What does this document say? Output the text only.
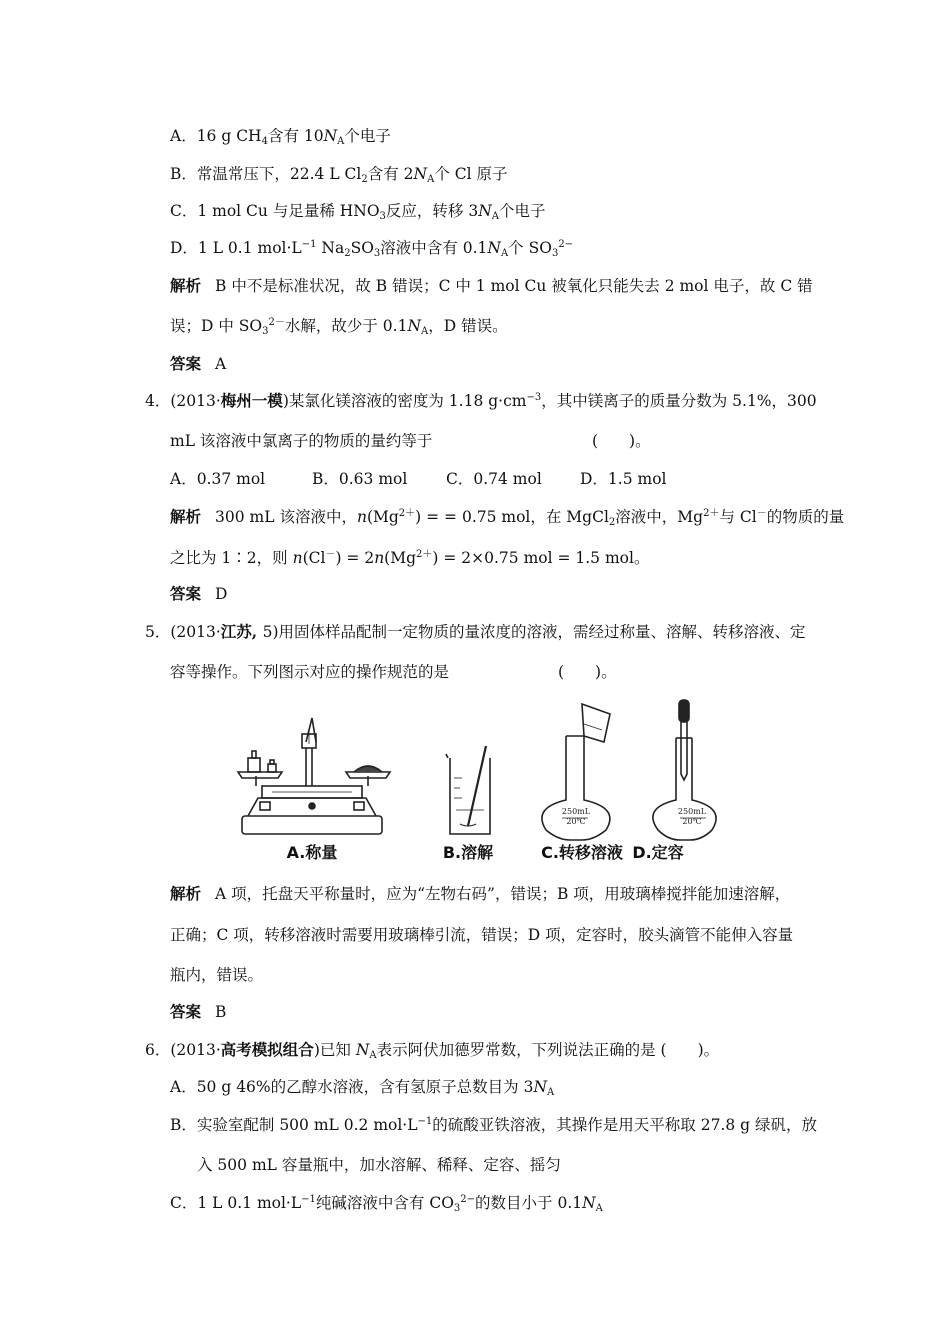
A．16 g $CH_4$含有 $10N_A$个电子
B．常温常压下，22.4 L $Cl_2$含有 $2N_A$个 Cl 原子
C．1 mol Cu 与足量稀 $HNO_3$反应，转移 $3N_A$个电子
D．1 L 0.1 $mol\cdot L^{-1}$ $Na_2SO_3$溶液中含有 $0.1N_A$个 $SO_3^{2-}$
解析 B 中不是标准状况，故 B 错误；C 中 1 mol Cu 被氧化只能失去 2 mol 电子，故 C 错
误；D 中 $SO_3^{2-}$水解，故少于 $0.1N_A$，D 错误。
答案 A
4．(2013·梅州一模)某氯化镁溶液的密度为 1.18 $g\cdot cm^{-3}$，其中镁离子的质量分数为 5.1%，300
mL 该溶液中氯离子的物质的量约等于	(　　)。
A．0.37 mol	B．0.63 mol C．0.74 mol D．1.5 mol
解析 300 mL 该溶液中，$n(Mg^{2+})$ = = 0.75 mol，在 MgCl$_2$溶液中，$Mg^{2+}$与 Cl－的物质的量
之比为 1∶2，则 $n(Cl^-) = 2n(Mg^{2+}) = 2\times 0.75$ mol = 1.5 mol。
答案 D
5．(2013·江苏, 5)用固体样品配制一定物质的量浓度的溶液，需经过称量、溶解、转移溶液、定
容等操作。下列图示对应的操作规范的是	(　　)。
250mL
20℃
250mL
20℃
A.称量	B.溶解	C.转移溶液 D.定容
解析 A 项，托盘天平称量时，应为“左物右码”，错误；B 项，用玻璃棒搅拌能加速溶解，
正确；C 项，转移溶液时需要用玻璃棒引流，错误；D 项，定容时，胶头滴管不能伸入容量
瓶内，错误。
答案 B
6．(2013·高考模拟组合)已知 $N_A$表示阿伏加德罗常数，下列说法正确的是 (　　)。
A．50 g 46%的乙醇水溶液，含有氢原子总数目为 $3N_A$
B．实验室配制 500 mL 0.2 $mol\cdot L^{-1}$的硫酸亚铁溶液，其操作是用天平称取 27.8 g 绿矾，放
入 500 mL 容量瓶中，加水溶解、稀释、定容、摇匀
C．1 L 0.1 $mol\cdot L^{-1}$纯碱溶液中含有 $CO_3^{2-}$的数目小于 $0.1N_A$
